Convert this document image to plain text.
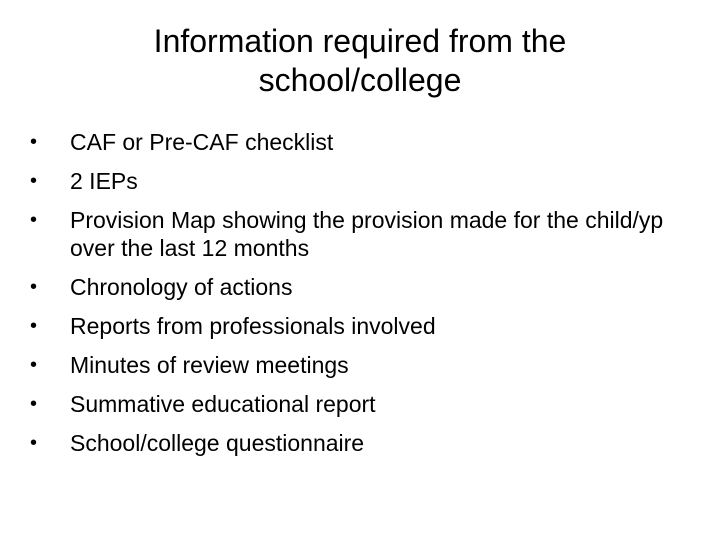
Information required from the
school/college
•	CAF or Pre-CAF checklist
•	2 IEPs
•	Provision Map showing the provision made for the child/yp over the last 12 months
•	Chronology of actions
•	Reports from professionals involved
•	Minutes of review meetings
•	Summative educational report
•	School/college questionnaire
